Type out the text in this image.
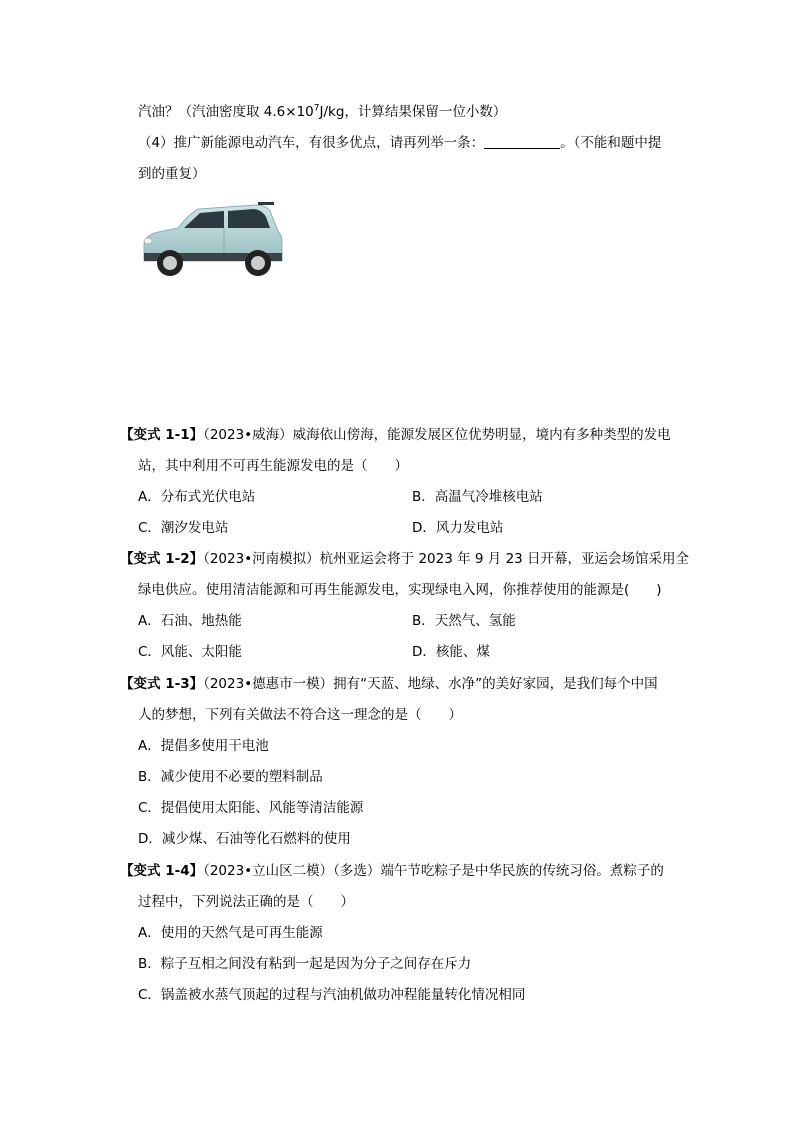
汽油？（汽油密度取 $4.6\times 10^7J/kg$，计算结果保留一位小数）
（4）推广新能源电动汽车，有很多优点，请再列举一条：	。（不能和题中提
到的重复）
【变式 1-1】（2023•威海）威海依山傍海，能源发展区位优势明显，境内有多种类型的发电
站，其中利用不可再生能源发电的是（　　）
A．分布式光伏电站	B．高温气冷堆核电站
C．潮汐发电站	D．风力发电站
【变式 1-2】（2023•河南模拟）杭州亚运会将于 2023 年 9 月 23 日开幕，亚运会场馆采用全
绿电供应。使用清洁能源和可再生能源发电，实现绿电入网，你推荐使用的能源是(　　)
A．石油、地热能	B．天然气、氢能
C．风能、太阳能	D．核能、煤
【变式 1-3】（2023•德惠市一模）拥有“天蓝、地绿、水净”的美好家园，是我们每个中国
人的梦想，下列有关做法不符合这一理念的是（　　）
A．提倡多使用干电池
B．减少使用不必要的塑料制品
C．提倡使用太阳能、风能等清洁能源
D．减少煤、石油等化石燃料的使用
【变式 1-4】（2023•立山区二模）（多选）端午节吃粽子是中华民族的传统习俗。煮粽子的
过程中，下列说法正确的是（　　）
A．使用的天然气是可再生能源
B．粽子互相之间没有粘到一起是因为分子之间存在斥力
C．锅盖被水蒸气顶起的过程与汽油机做功冲程能量转化情况相同
